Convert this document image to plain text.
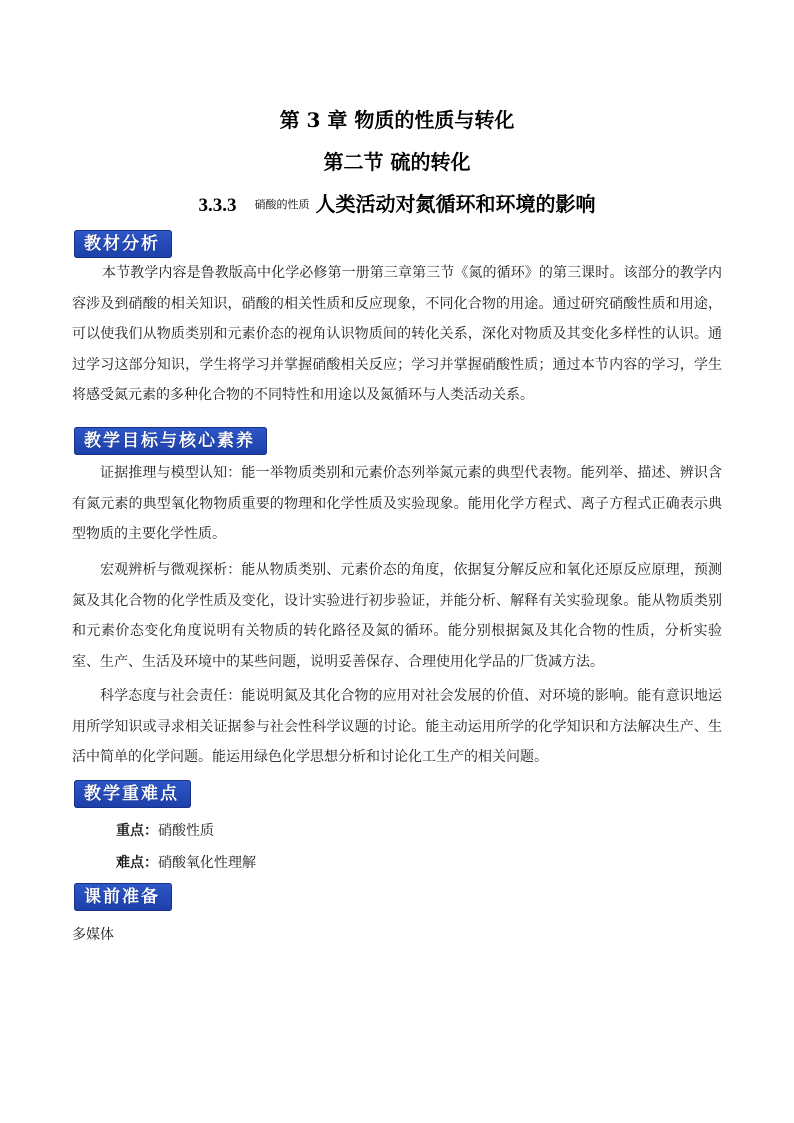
第 3 章 物质的性质与转化
第二节 硫的转化
3.3.3 硝酸的性质 人类活动对氮循环和环境的影响
教材分析

本节教学内容是鲁教版高中化学必修第一册第三章第三节《氮的循环》的第三课时。该部分的教学内容涉及到硝酸的相关知识，硝酸的相关性质和反应现象，不同化合物的用途。通过研究硝酸性质和用途，可以使我们从物质类别和元素价态的视角认识物质间的转化关系，深化对物质及其变化多样性的认识。通过学习这部分知识，学生将学习并掌握硝酸相关反应；学习并掌握硝酸性质；通过本节内容的学习，学生将感受氮元素的多种化合物的不同特性和用途以及氮循环与人类活动关系。

教学目标与核心素养

证据推理与模型认知：能一举物质类别和元素价态列举氮元素的典型代表物。能列举、描述、辨识含有氮元素的典型氧化物物质重要的物理和化学性质及实验现象。能用化学方程式、离子方程式正确表示典型物质的主要化学性质。

宏观辨析与微观探析：能从物质类别、元素价态的角度，依据复分解反应和氧化还原反应原理，预测氮及其化合物的化学性质及变化，设计实验进行初步验证，并能分析、解释有关实验现象。能从物质类别和元素价态变化角度说明有关物质的转化路径及氮的循环。能分别根据氮及其化合物的性质，分析实验室、生产、生活及环境中的某些问题，说明妥善保存、合理使用化学品的厂货减方法。

科学态度与社会责任：能说明氮及其化合物的应用对社会发展的价值、对环境的影响。能有意识地运用所学知识或寻求相关证据参与社会性科学议题的讨论。能主动运用所学的化学知识和方法解决生产、生活中简单的化学问题。能运用绿色化学思想分析和讨论化工生产的相关问题。

教学重难点
重点：硝酸性质
难点：硝酸氧化性理解
课前准备
多媒体
